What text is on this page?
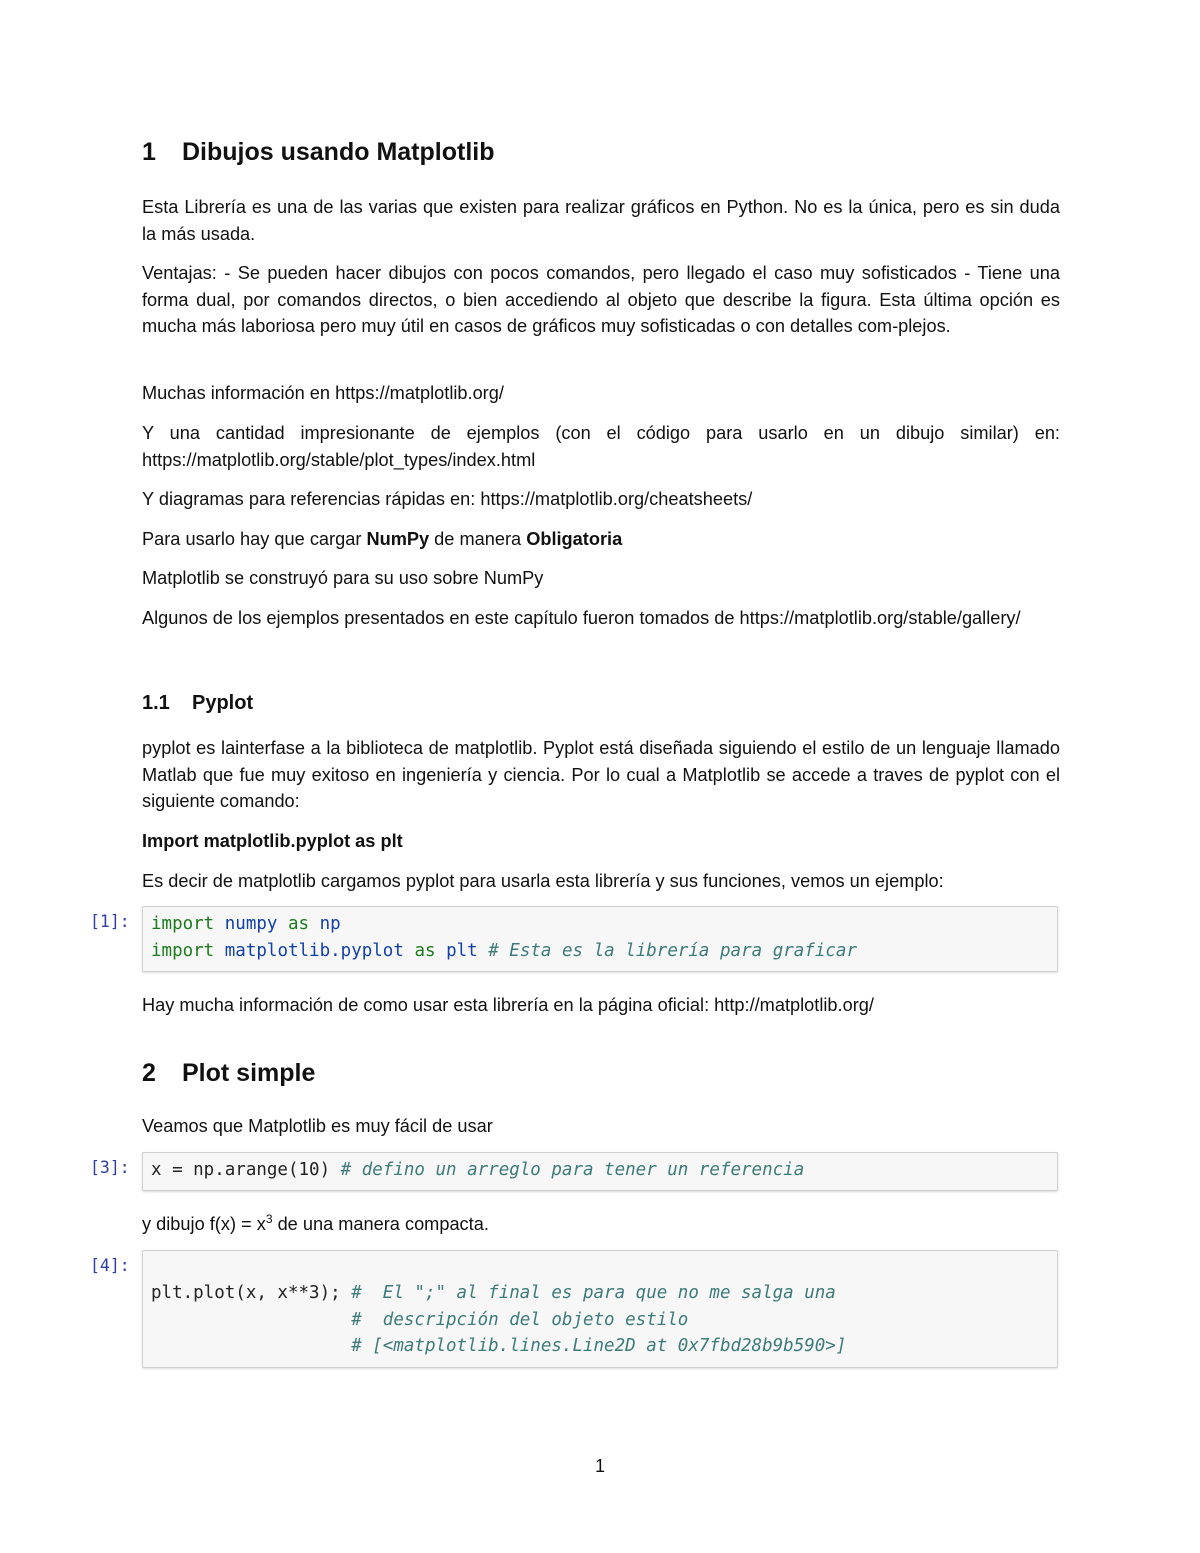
1 Dibujos usando Matplotlib

Esta Librería es una de las varias que existen para realizar gráficos en Python. No es la única, pero es sin duda la más usada.

Ventajas: - Se pueden hacer dibujos con pocos comandos, pero llegado el caso muy sofisticados - Tiene una forma dual, por comandos directos, o bien accediendo al objeto que describe la figura. Esta última opción es mucha más laboriosa pero muy útil en casos de gráficos muy sofisticadas o con detalles com-plejos.

Muchas información en https://matplotlib.org/

Y una cantidad impresionante de ejemplos (con el código para usarlo en un dibujo similar) en: https://matplotlib.org/stable/plot_types/index.html

Y diagramas para referencias rápidas en: https://matplotlib.org/cheatsheets/

Para usarlo hay que cargar NumPy de manera Obligatoria

Matplotlib se construyó para su uso sobre NumPy

Algunos de los ejemplos presentados en este capítulo fueron tomados de https://matplotlib.org/stable/gallery/

1.1 Pyplot

pyplot es lainterfase a la biblioteca de matplotlib. Pyplot está diseñada siguiendo el estilo de un lenguaje llamado Matlab que fue muy exitoso en ingeniería y ciencia. Por lo cual a Matplotlib se accede a traves de pyplot con el siguiente comando:

Import matplotlib.pyplot as plt

Es decir de matplotlib cargamos pyplot para usarla esta librería y sus funciones, vemos un ejemplo:

[1]:	import numpy as np
import matplotlib.pyplot as plt # Esta es la librería para graficar

Hay mucha información de como usar esta librería en la página oficial: http://matplotlib.org/

2 Plot simple

Veamos que Matplotlib es muy fácil de usar

[3]:	x = np.arange(10) # defino un arreglo para tener un referencia

y dibujo $f(x) = x^3$ de una manera compacta.

[4]:
plt.plot(x, x**3); #  El ";" al final es para que no me salga una
#  descripción del objeto estilo
# [<matplotlib.lines.Line2D at 0x7fbd28b9b590>]
1
